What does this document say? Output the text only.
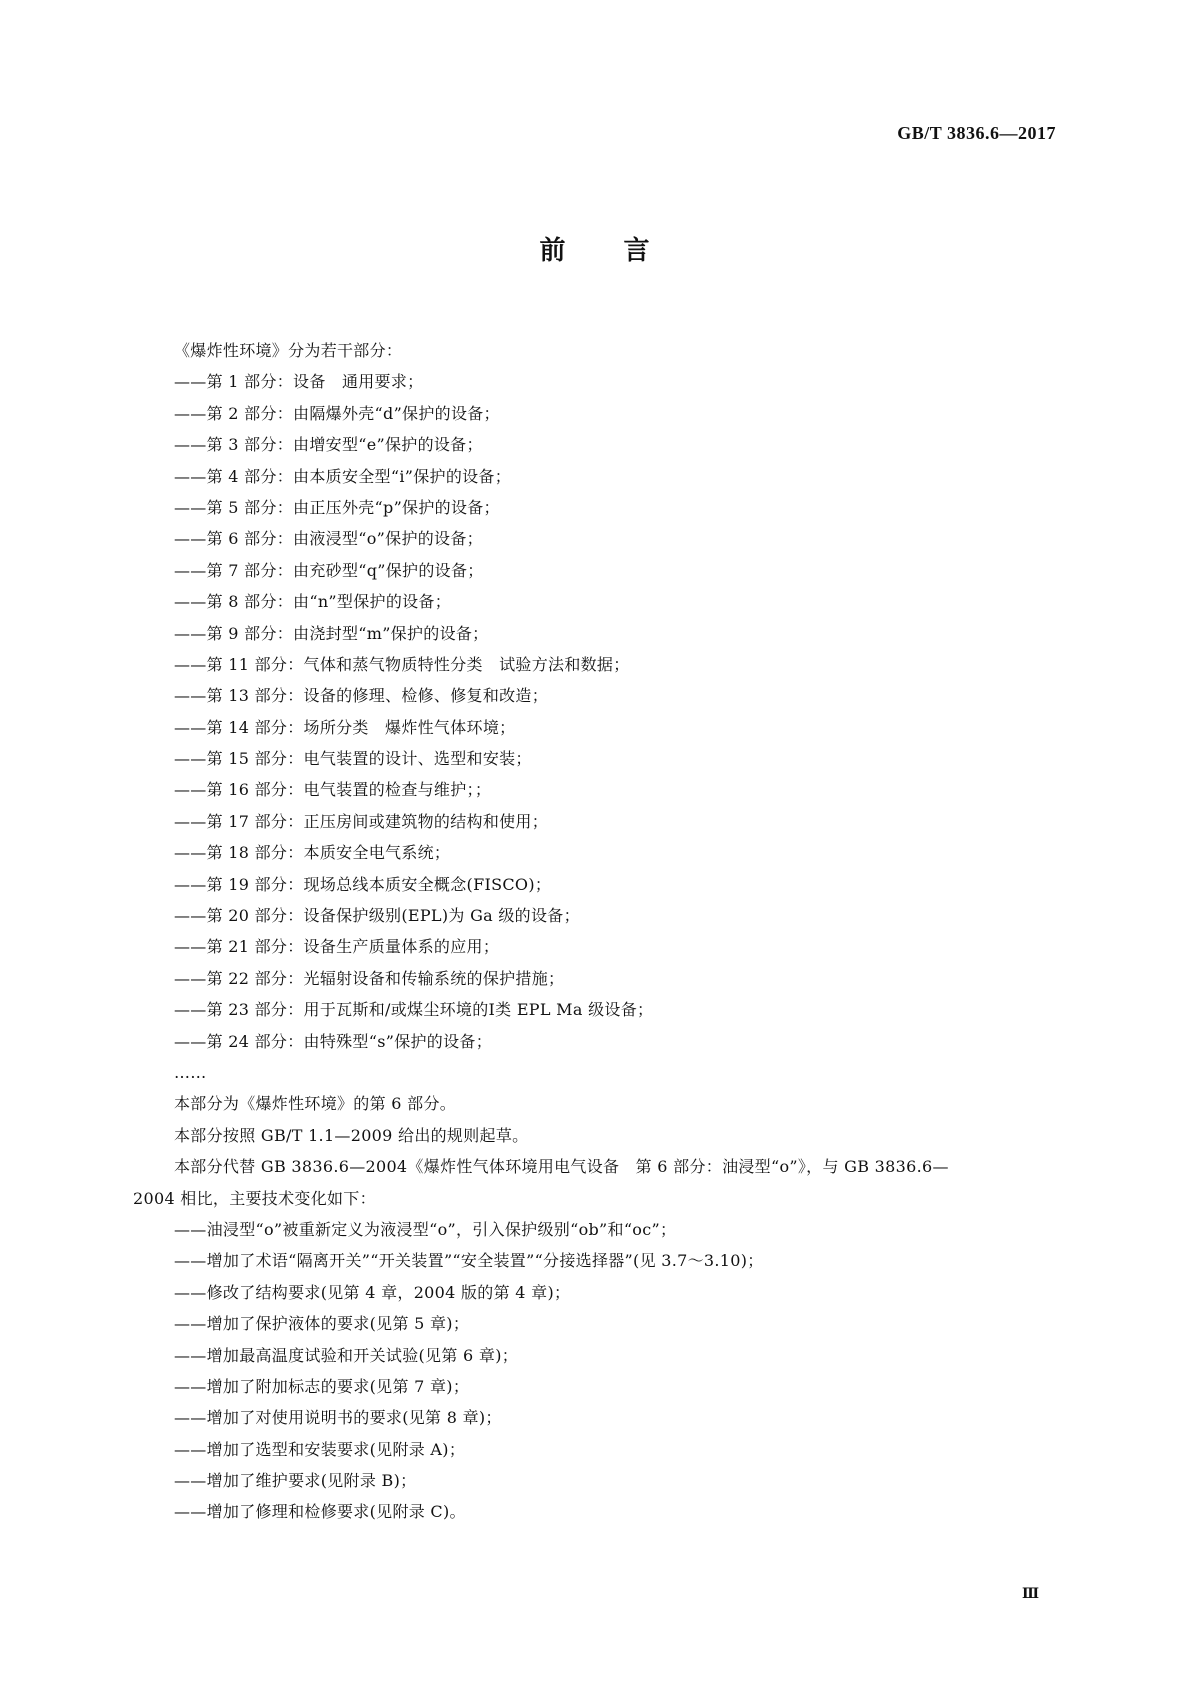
GB/T 3836.6—2017
前 言
《爆炸性环境》分为若干部分：
——第 1 部分：设备　通用要求；
——第 2 部分：由隔爆外壳“d”保护的设备；
——第 3 部分：由增安型“e”保护的设备；
——第 4 部分：由本质安全型“i”保护的设备；
——第 5 部分：由正压外壳“p”保护的设备；
——第 6 部分：由液浸型“o”保护的设备；
——第 7 部分：由充砂型“q”保护的设备；
——第 8 部分：由“n”型保护的设备；
——第 9 部分：由浇封型“m”保护的设备；
——第 11 部分：气体和蒸气物质特性分类　试验方法和数据；
——第 13 部分：设备的修理、检修、修复和改造；
——第 14 部分：场所分类　爆炸性气体环境；
——第 15 部分：电气装置的设计、选型和安装；
——第 16 部分：电气装置的检查与维护；；
——第 17 部分：正压房间或建筑物的结构和使用；
——第 18 部分：本质安全电气系统；
——第 19 部分：现场总线本质安全概念(FISCO)；
——第 20 部分：设备保护级别(EPL)为 Ga 级的设备；
——第 21 部分：设备生产质量体系的应用；
——第 22 部分：光辐射设备和传输系统的保护措施；
——第 23 部分：用于瓦斯和/或煤尘环境的Ⅰ类 EPL Ma 级设备；
——第 24 部分：由特殊型“s”保护的设备；
……
本部分为《爆炸性环境》的第 6 部分。
本部分按照 GB/T 1.1—2009 给出的规则起草。
本部分代替 GB 3836.6—2004《爆炸性气体环境用电气设备　第 6 部分：油浸型“o”》，与 GB 3836.6—
2004 相比，主要技术变化如下：
——油浸型“o”被重新定义为液浸型“o”，引入保护级别“ob”和“oc”；
——增加了术语“隔离开关”“开关装置”“安全装置”“分接选择器”(见 3.7～3.10)；
——修改了结构要求(见第 4 章，2004 版的第 4 章)；
——增加了保护液体的要求(见第 5 章)；
——增加最高温度试验和开关试验(见第 6 章)；
——增加了附加标志的要求(见第 7 章)；
——增加了对使用说明书的要求(见第 8 章)；
——增加了选型和安装要求(见附录 A)；
——增加了维护要求(见附录 B)；
——增加了修理和检修要求(见附录 C)。
Ⅲ
